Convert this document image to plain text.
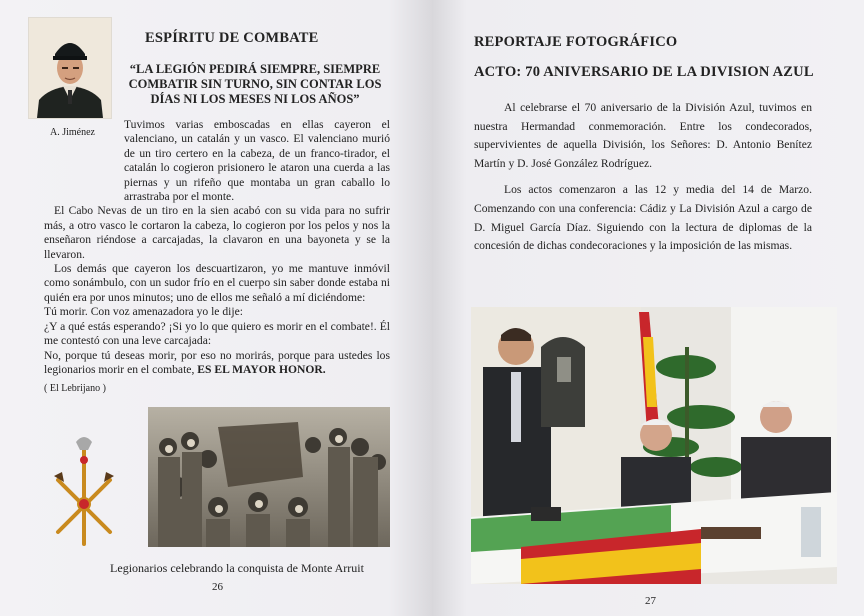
A. Jiménez
ESPÍRITU DE COMBATE
“LA LEGIÓN PEDIRÁ SIEMPRE, SIEMPRE
COMBATIR SIN TURNO, SIN CONTAR LOS
DÍAS NI LOS MESES NI LOS AÑOS”

Tuvimos varias emboscadas en ellas cayeron el valenciano, un catalán y un vasco. El valenciano murió de un tiro certero en la cabeza, de un franco-tirador, el catalán lo cogieron prisionero le ataron una cuerda a las piernas y un rifeño que montaba un gran caballo lo arrastraba por el monte.

El Cabo Nevas de un tiro en la sien acabó con su vida para no sufrir más, a otro vasco le cortaron la cabeza, lo cogieron por los pelos y nos la enseñaron riéndose a carcajadas, la clavaron en una bayoneta y se la llevaron.

Los demás que cayeron los descuartizaron, yo me mantuve inmóvil como sonámbulo, con un sudor frío en el cuerpo sin saber donde estaba ni quién era por unos minutos; uno de ellos me señaló a mí diciéndome:

Tú morir. Con voz amenazadora yo le dije:

¿Y a qué estás esperando? ¡Si yo lo que quiero es morir en el combate!. Él me contestó con una leve carcajada:

No, porque tú deseas morir, por eso no morirás, porque para ustedes los legionarios morir en el combate, ES EL MAYOR HONOR.

( El Lebrijano )
Legionarios celebrando la conquista de Monte Arruit
26
REPORTAJE FOTOGRÁFICO
ACTO: 70 ANIVERSARIO DE LA DIVISION AZUL

Al celebrarse el 70 aniversario de la División Azul, tuvimos en nuestra Hermandad conmemoración. Entre los condecorados, supervivientes de aquella División, los Señores: D. Antonio Benítez Martín y D. José González Rodríguez.

Los actos comenzaron a las 12 y media del 14 de Marzo. Comenzando con una conferencia: Cádiz y La División Azul a cargo de D. Miguel García Díaz. Siguiendo con la lectura de diplomas de la concesión de dichas condecoraciones y la imposición de las mismas.

27
